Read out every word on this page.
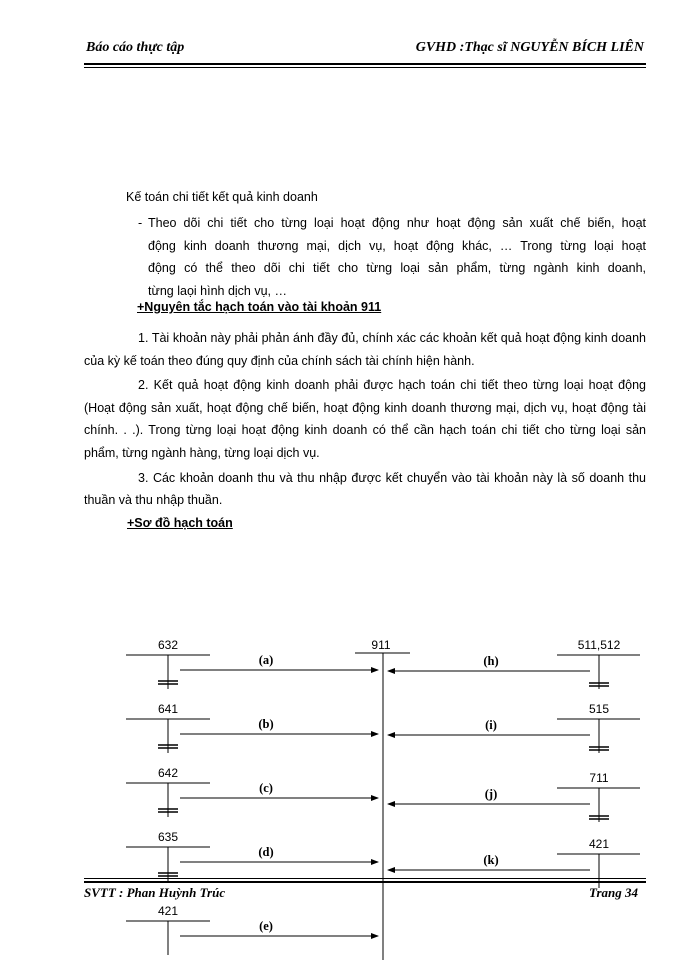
Báo cáo thực tập	GVHD :Thạc sĩ NGUYỄN BÍCH LIÊN
Kế toán chi tiết kết quả kinh doanh
- Theo dõi chi tiết cho từng loại hoạt động như hoạt động sản xuất chế biến, hoạt
động kinh doanh thương mại, dịch vụ, hoạt động khác, … Trong từng loại hoạt
động có thể theo dõi chi tiết cho từng loại sản phẩm, từng ngành kinh doanh,
từng laọi hình dịch vụ, …
+Nguyên tắc hạch toán vào tài khoản 911

1. Tài khoản này phải phản ánh đầy đủ, chính xác các khoản kết quả hoạt động kinh doanh của kỳ kế toán theo đúng quy định của chính sách tài chính hiện hành.

2. Kết quả hoạt động kinh doanh phải được hạch toán chi tiết theo từng loại hoạt động (Hoạt động sản xuất, hoạt động chế biến, hoạt động kinh doanh thương mại, dịch vụ, hoạt động tài chính. . .). Trong từng loại hoạt động kinh doanh có thể cần hạch toán chi tiết cho từng loại sản phẩm, từng ngành hàng, từng loại dịch vụ.

3. Các khoản doanh thu và thu nhập được kết chuyển vào tài khoản này là số doanh thu thuần và thu nhập thuần.

+Sơ đồ hạch toán
911
632
(a)
641
(b)
642
(c)
635
(d)
421
(e)
511,512
(h)
515
(i)
711
(j)
421
(k)
SVTT : Phan Huỳnh Trúc	Trang 34
